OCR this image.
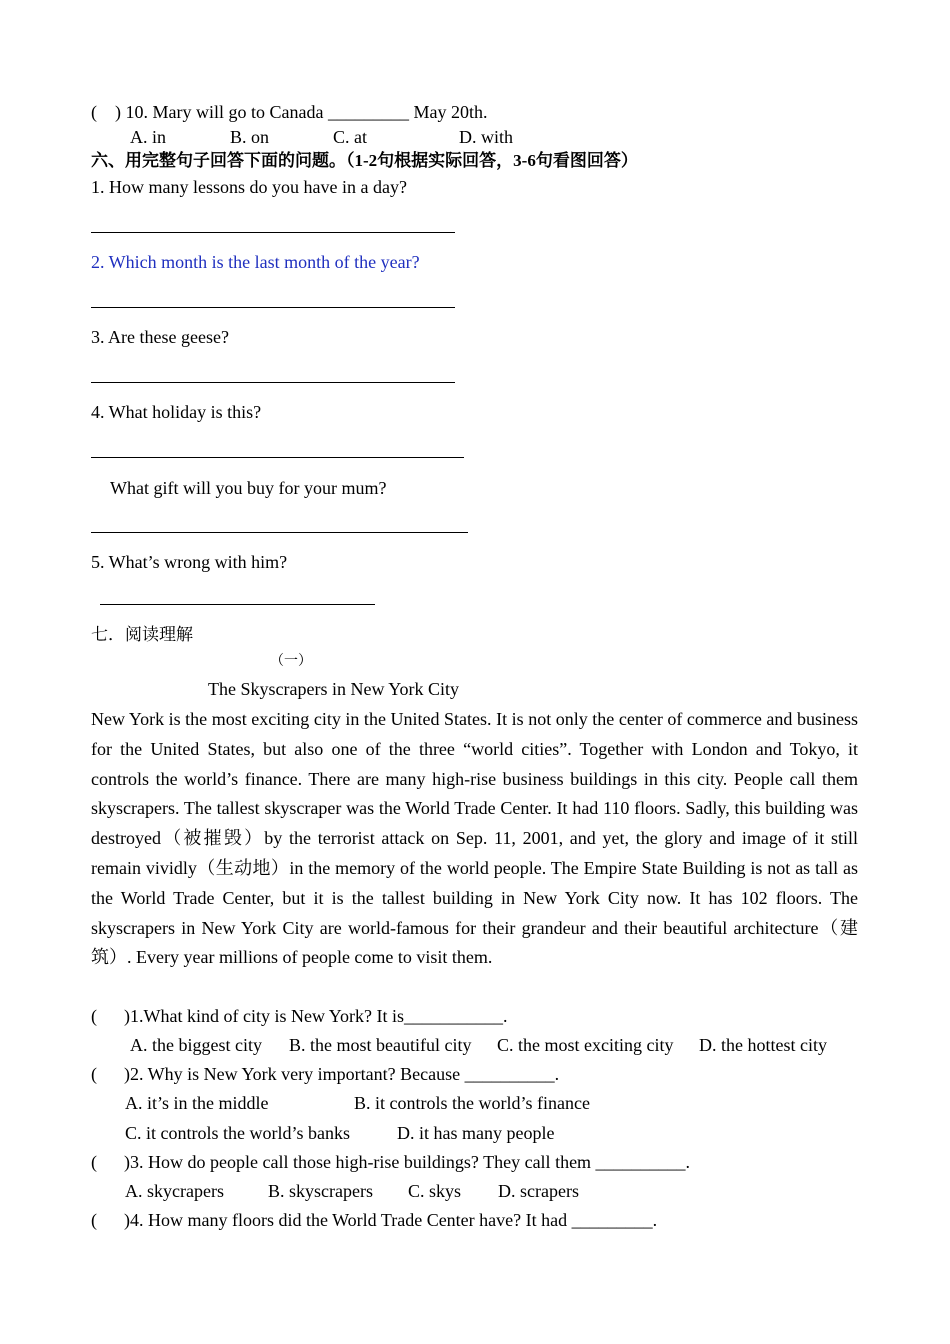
(    ) 10. Mary will go to Canada _________ May 20th.
A. in	B. on	C. at	D. with
六、用完整句子回答下面的问题。（1-2句根据实际回答，3-6句看图回答）
1. How many lessons do you have in a day?
2. Which month is the last month of the year?
3. Are these geese?
4. What holiday is this?
What gift will you buy for your mum?
5. What’s wrong with him?
七．阅读理解
（一）
The Skyscrapers in New York City
New York is the most exciting city in the United States. It is not only the center of commerce and business for the United States, but also one of the three “world cities”. Together with London and Tokyo, it controls the world’s finance. There are many high-rise business buildings in this city. People call them skyscrapers. The tallest skyscraper was the World Trade Center. It had 110 floors. Sadly, this building was destroyed（被摧毁）by the terrorist attack on Sep. 11, 2001, and yet, the glory and image of it still remain vividly（生动地）in the memory of the world people. The Empire State Building is not as tall as the World Trade Center, but it is the tallest building in New York City now. It has 102 floors. The skyscrapers in New York City are world-famous for their grandeur and their beautiful architecture（建筑）. Every year millions of people come to visit them.
(      )1.What kind of city is New York? It is___________.
A. the biggest city B. the most beautiful city C. the most exciting city D. the hottest city
(      )2. Why is New York very important? Because __________.
A. it’s in the middle	B. it controls the world’s finance
C. it controls the world’s banks	D. it has many people
(      )3. How do people call those high-rise buildings? They call them __________.
A. skycrapers B. skyscrapers C. skys D. scrapers
(      )4. How many floors did the World Trade Center have? It had _________.
